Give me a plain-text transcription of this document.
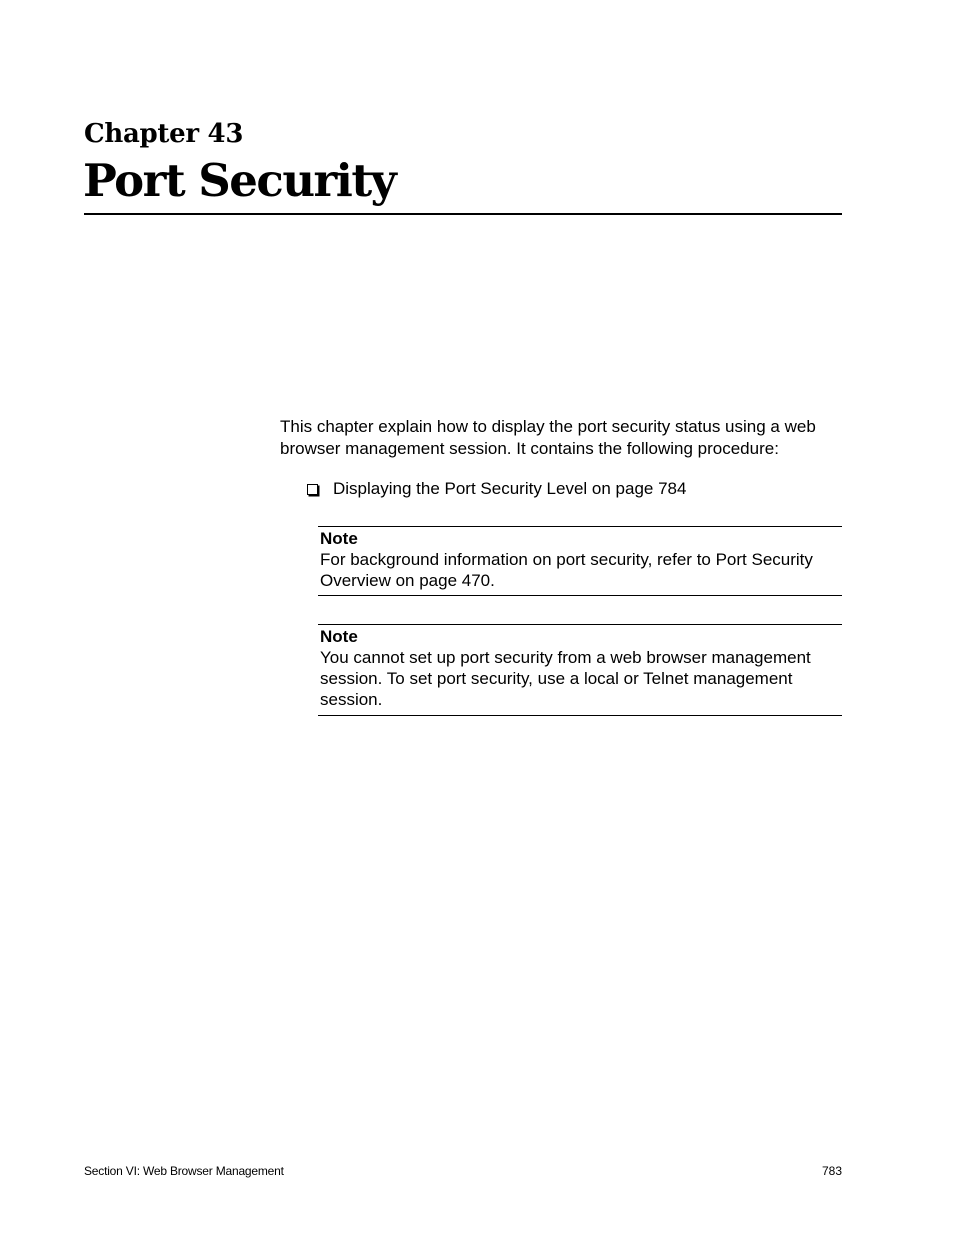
Chapter 43
Port Security

This chapter explain how to display the port security status using a web browser management session. It contains the following procedure:

Displaying the Port Security Level on page 784
Note

For background information on port security, refer to Port Security Overview on page 470.

Note

You cannot set up port security from a web browser management session. To set port security, use a local or Telnet management session.

Section VI: Web Browser Management	783
